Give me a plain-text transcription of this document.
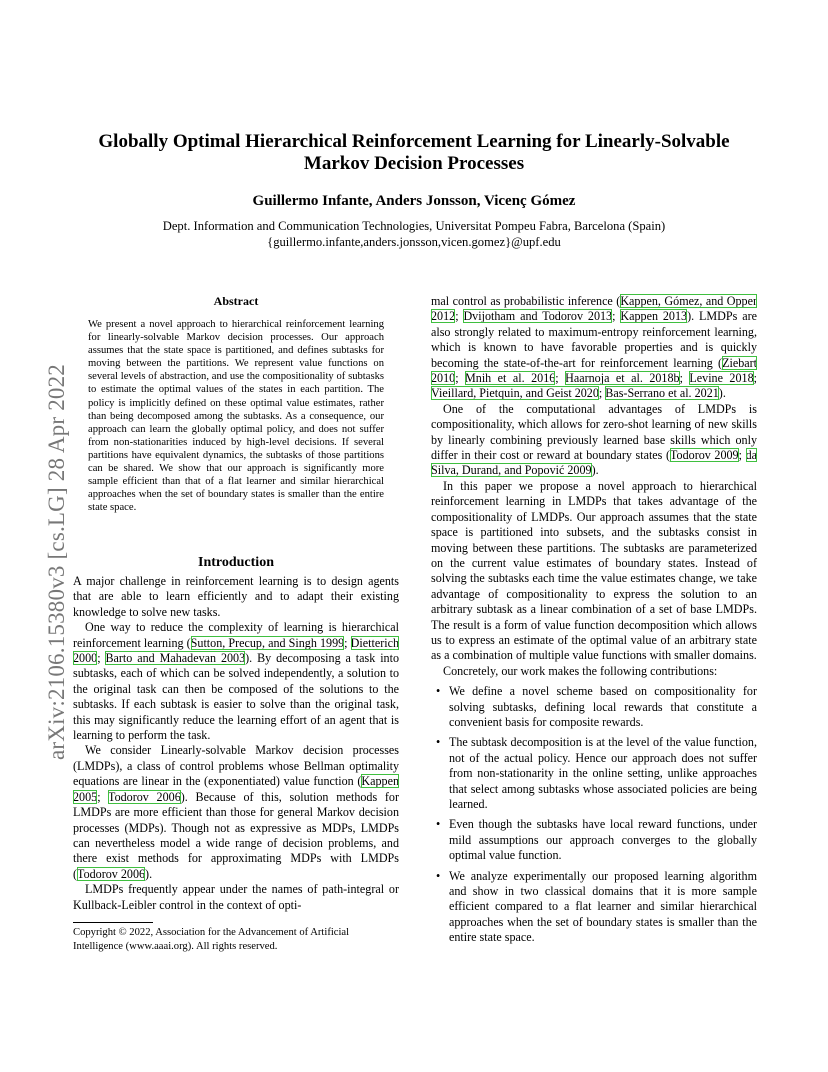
arXiv:2106.15380v3 [cs.LG] 28 Apr 2022
Globally Optimal Hierarchical Reinforcement Learning for Linearly-Solvable Markov Decision Processes
Guillermo Infante, Anders Jonsson, Vicenç Gómez
Dept. Information and Communication Technologies, Universitat Pompeu Fabra, Barcelona (Spain)
{guillermo.infante,anders.jonsson,vicen.gomez}@upf.edu
Abstract
We present a novel approach to hierarchical reinforcement learning for linearly-solvable Markov decision processes. Our approach assumes that the state space is partitioned, and defines subtasks for moving between the partitions. We represent value functions on several levels of abstraction, and use the compositionality of subtasks to estimate the optimal values of the states in each partition. The policy is implicitly defined on these optimal value estimates, rather than being decomposed among the subtasks. As a consequence, our approach can learn the globally optimal policy, and does not suffer from non-stationarities induced by high-level decisions. If several partitions have equivalent dynamics, the subtasks of those partitions can be shared. We show that our approach is significantly more sample efficient than that of a flat learner and similar hierarchical approaches when the set of boundary states is smaller than the entire state space.
Introduction

A major challenge in reinforcement learning is to design agents that are able to learn efficiently and to adapt their existing knowledge to solve new tasks.

One way to reduce the complexity of learning is hierarchical reinforcement learning (Sutton, Precup, and Singh 1999; Dietterich 2000; Barto and Mahadevan 2003). By decomposing a task into subtasks, each of which can be solved independently, a solution to the original task can then be composed of the solutions to the subtasks. If each subtask is easier to solve than the original task, this may significantly reduce the learning effort of an agent that is learning to perform the task.

We consider Linearly-solvable Markov decision processes (LMDPs), a class of control problems whose Bellman optimality equations are linear in the (exponentiated) value function (Kappen 2005; Todorov 2006). Because of this, solution methods for LMDPs are more efficient than those for general Markov decision processes (MDPs). Though not as expressive as MDPs, LMDPs can nevertheless model a wide range of decision problems, and there exist methods for approximating MDPs with LMDPs (Todorov 2006).

LMDPs frequently appear under the names of path-integral or Kullback-Leibler control in the context of opti-

Copyright © 2022, Association for the Advancement of Artificial Intelligence (www.aaai.org). All rights reserved.

mal control as probabilistic inference (Kappen, Gómez, and Opper 2012; Dvijotham and Todorov 2013; Kappen 2013). LMDPs are also strongly related to maximum-entropy reinforcement learning, which is known to have favorable properties and is quickly becoming the state-of-the-art for reinforcement learning (Ziebart 2010; Mnih et al. 2016; Haarnoja et al. 2018b; Levine 2018; Vieillard, Pietquin, and Geist 2020; Bas-Serrano et al. 2021).

One of the computational advantages of LMDPs is compositionality, which allows for zero-shot learning of new skills by linearly combining previously learned base skills which only differ in their cost or reward at boundary states (Todorov 2009; da Silva, Durand, and Popović 2009).

In this paper we propose a novel approach to hierarchical reinforcement learning in LMDPs that takes advantage of the compositionality of LMDPs. Our approach assumes that the state space is partitioned into subsets, and the subtasks consist in moving between these partitions. The subtasks are parameterized on the current value estimates of boundary states. Instead of solving the subtasks each time the value estimates change, we take advantage of compositionality to express the solution to an arbitrary subtask as a linear combination of a set of base LMDPs. The result is a form of value function decomposition which allows us to express an estimate of the optimal value of an arbitrary state as a combination of multiple value functions with smaller domains.

Concretely, our work makes the following contributions:

• We define a novel scheme based on compositionality for solving subtasks, defining local rewards that constitute a convenient basis for composite rewards.
• The subtask decomposition is at the level of the value function, not of the actual policy. Hence our approach does not suffer from non-stationarity in the online setting, unlike approaches that select among subtasks whose associated policies are being learned.
• Even though the subtasks have local reward functions, under mild assumptions our approach converges to the globally optimal value function.
• We analyze experimentally our proposed learning algorithm and show in two classical domains that it is more sample efficient compared to a flat learner and similar hierarchical approaches when the set of boundary states is smaller than the entire state space.
